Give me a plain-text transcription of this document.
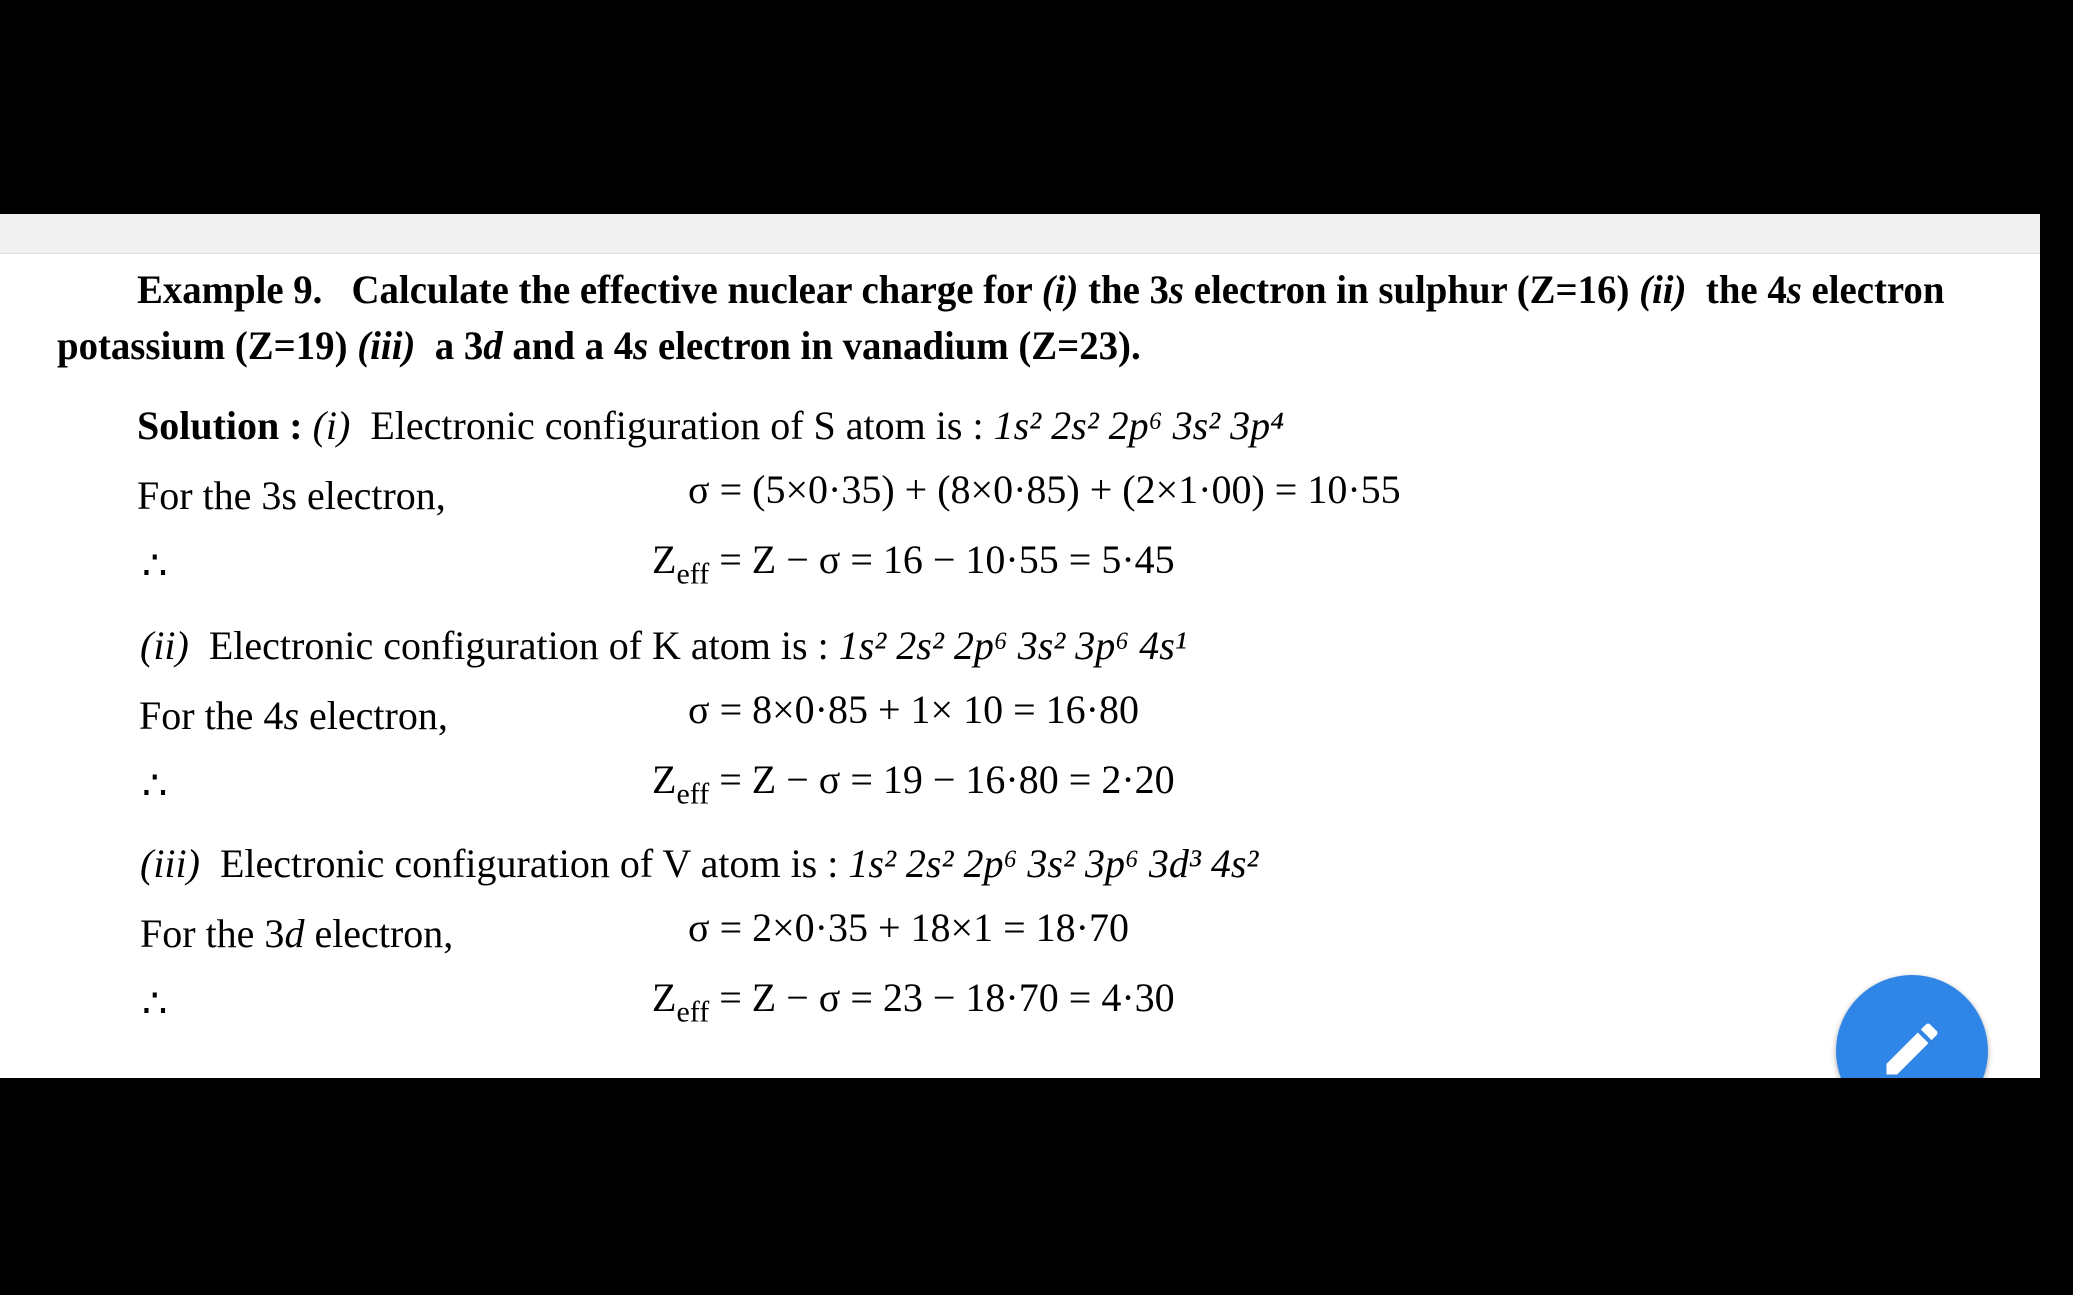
Example 9. Calculate the effective nuclear charge for (i) the 3s electron in sulphur (Z=16) (ii) the 4s electron
potassium (Z=19) (iii) a 3d and a 4s electron in vanadium (Z=23).
Solution : (i) Electronic configuration of S atom is : 1s² 2s² 2p⁶ 3s² 3p⁴
For the 3s electron,	σ = (5×0·35) + (8×0·85) + (2×1·00) = 10·55
∴	$Z_{eff} = Z - \sigma = 16 - 10\cdot 55 = 5\cdot 45$
(ii) Electronic configuration of K atom is : 1s² 2s² 2p⁶ 3s² 3p⁶ 4s¹
For the 4s electron,	σ = 8×0·85 + 1× 10 = 16·80
∴	$Z_{eff} = Z - \sigma = 19 - 16\cdot 80 = 2\cdot 20$
(iii) Electronic configuration of V atom is : 1s² 2s² 2p⁶ 3s² 3p⁶ 3d³ 4s²
For the 3d electron,	σ = 2×0·35 + 18×1 = 18·70
∴	$Z_{eff} = Z - \sigma = 23 - 18\cdot 70 = 4\cdot 30$
